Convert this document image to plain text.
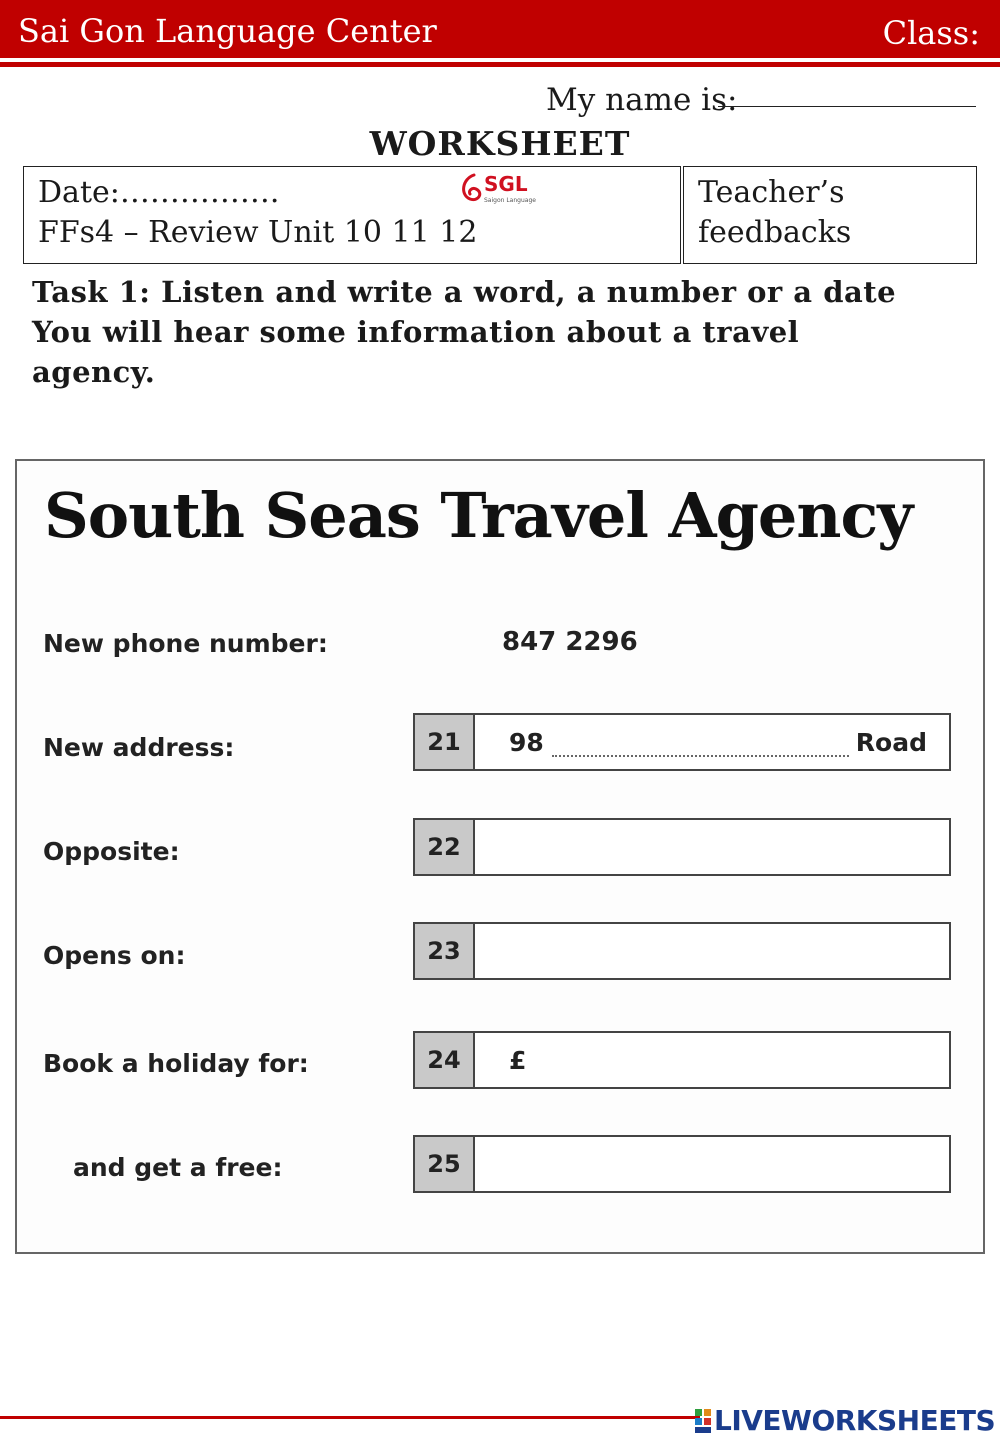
Sai Gon Language Center	Class:
My name is:
WORKSHEET
Date:…………….
FFs4 – Review Unit 10 11 12
SGL
Saigon Language	Teacher’s
feedbacks
Task 1: Listen and write a word, a number or a date
You will hear some information about a travel
agency.
South Seas Travel Agency
New phone number:	847 2296
New address:	21	98	Road
Opposite:	22
Opens on:	23
Book a holiday for:	24	£
and get a free:	25
LIVEWORKSHEETS
